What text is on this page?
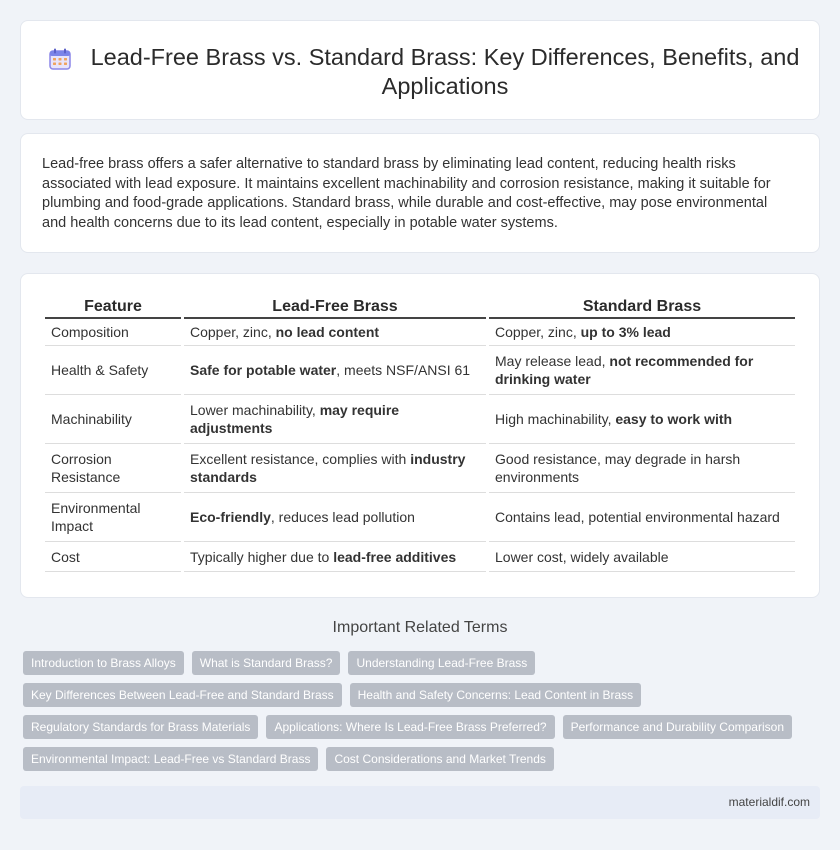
Lead-Free Brass vs. Standard Brass: Key Differences, Benefits, and Applications

Lead-free brass offers a safer alternative to standard brass by eliminating lead content, reducing health risks associated with lead exposure. It maintains excellent machinability and corrosion resistance, making it suitable for plumbing and food-grade applications. Standard brass, while durable and cost-effective, may pose environmental and health concerns due to its lead content, especially in potable water systems.

Feature	Lead-Free Brass	Standard Brass
Composition	Copper, zinc, no lead content	Copper, zinc, up to 3% lead
Health & Safety	Safe for potable water, meets NSF/ANSI 61	May release lead, not recommended for drinking water
Machinability	Lower machinability, may require adjustments	High machinability, easy to work with
Corrosion Resistance	Excellent resistance, complies with industry standards	Good resistance, may degrade in harsh environments
Environmental Impact	Eco-friendly, reduces lead pollution	Contains lead, potential environmental hazard
Cost	Typically higher due to lead-free additives	Lower cost, widely available
Important Related Terms
Introduction to Brass Alloys	What is Standard Brass?	Understanding Lead-Free Brass
Key Differences Between Lead-Free and Standard Brass	Health and Safety Concerns: Lead Content in Brass
Regulatory Standards for Brass Materials	Applications: Where Is Lead-Free Brass Preferred?	Performance and Durability Comparison
Environmental Impact: Lead-Free vs Standard Brass	Cost Considerations and Market Trends
materialdif.com
